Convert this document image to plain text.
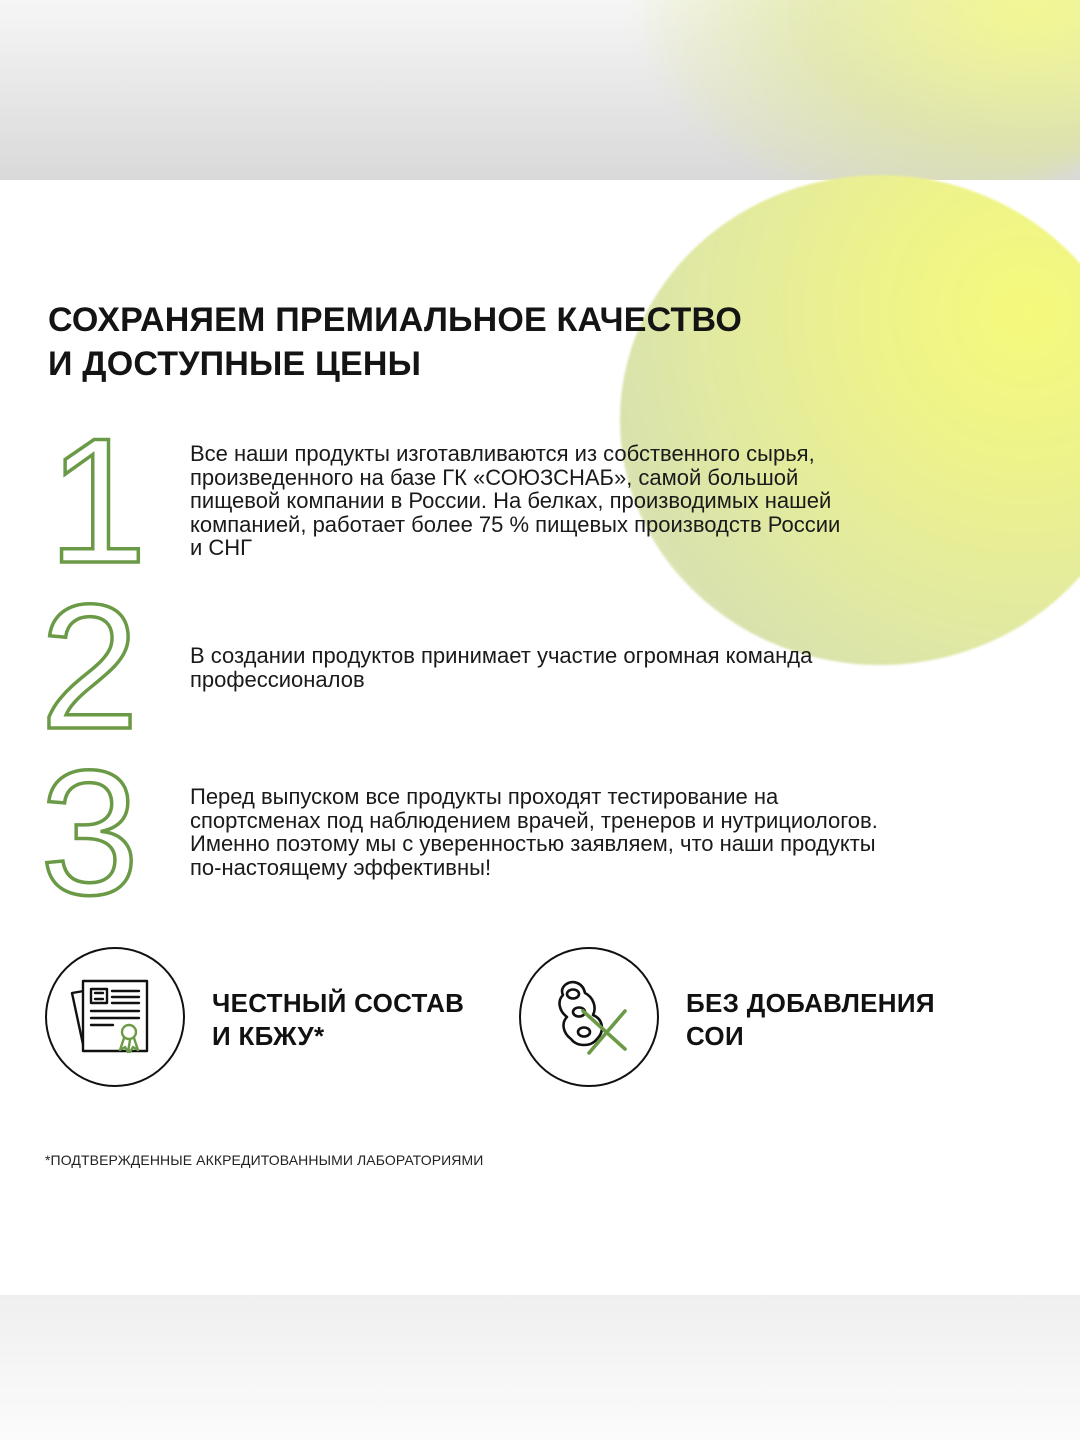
СОХРАНЯЕМ ПРЕМИАЛЬНОЕ КАЧЕСТВО
И ДОСТУПНЫЕ ЦЕНЫ
1 Все наши продукты изготавливаются из собственного сырья,
произведенного на базе ГК «СОЮЗСНАБ», самой большой
пищевой компании в России. На белках, производимых нашей
компанией, работает более 75 % пищевых производств России
и СНГ

2 В создании продуктов принимает участие огромная команда
профессионалов

3 Перед выпуском все продукты проходят тестирование на
спортсменах под наблюдением врачей, тренеров и нутрициологов.
Именно поэтому мы с уверенностью заявляем, что наши продукты
по-настоящему эффективны!

ЧЕСТНЫЙ СОСТАВ
И КБЖУ*
БЕЗ ДОБАВЛЕНИЯ
СОИ
*ПОДТВЕРЖДЕННЫЕ АККРЕДИТОВАННЫМИ ЛАБОРАТОРИЯМИ
